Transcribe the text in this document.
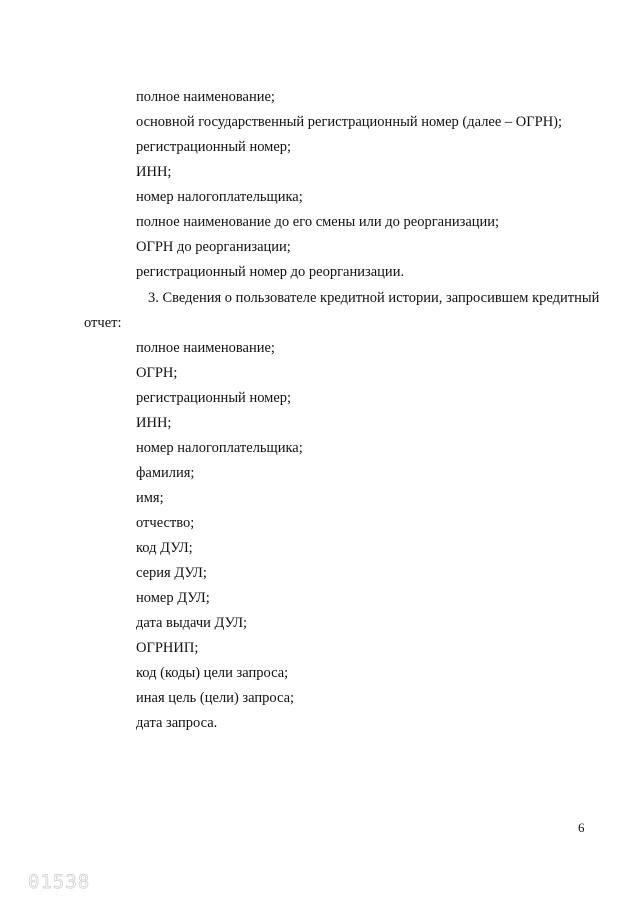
полное наименование;
основной государственный регистрационный номер (далее – ОГРН);
регистрационный номер;
ИНН;
номер налогоплательщика;
полное наименование до его смены или до реорганизации;
ОГРН до реорганизации;
регистрационный номер до реорганизации.
3. Сведения о пользователе кредитной истории, запросившем кредитный
отчет:
полное наименование;
ОГРН;
регистрационный номер;
ИНН;
номер налогоплательщика;
фамилия;
имя;
отчество;
код ДУЛ;
серия ДУЛ;
номер ДУЛ;
дата выдачи ДУЛ;
ОГРНИП;
код (коды) цели запроса;
иная цель (цели) запроса;
дата запроса.
6
01538
